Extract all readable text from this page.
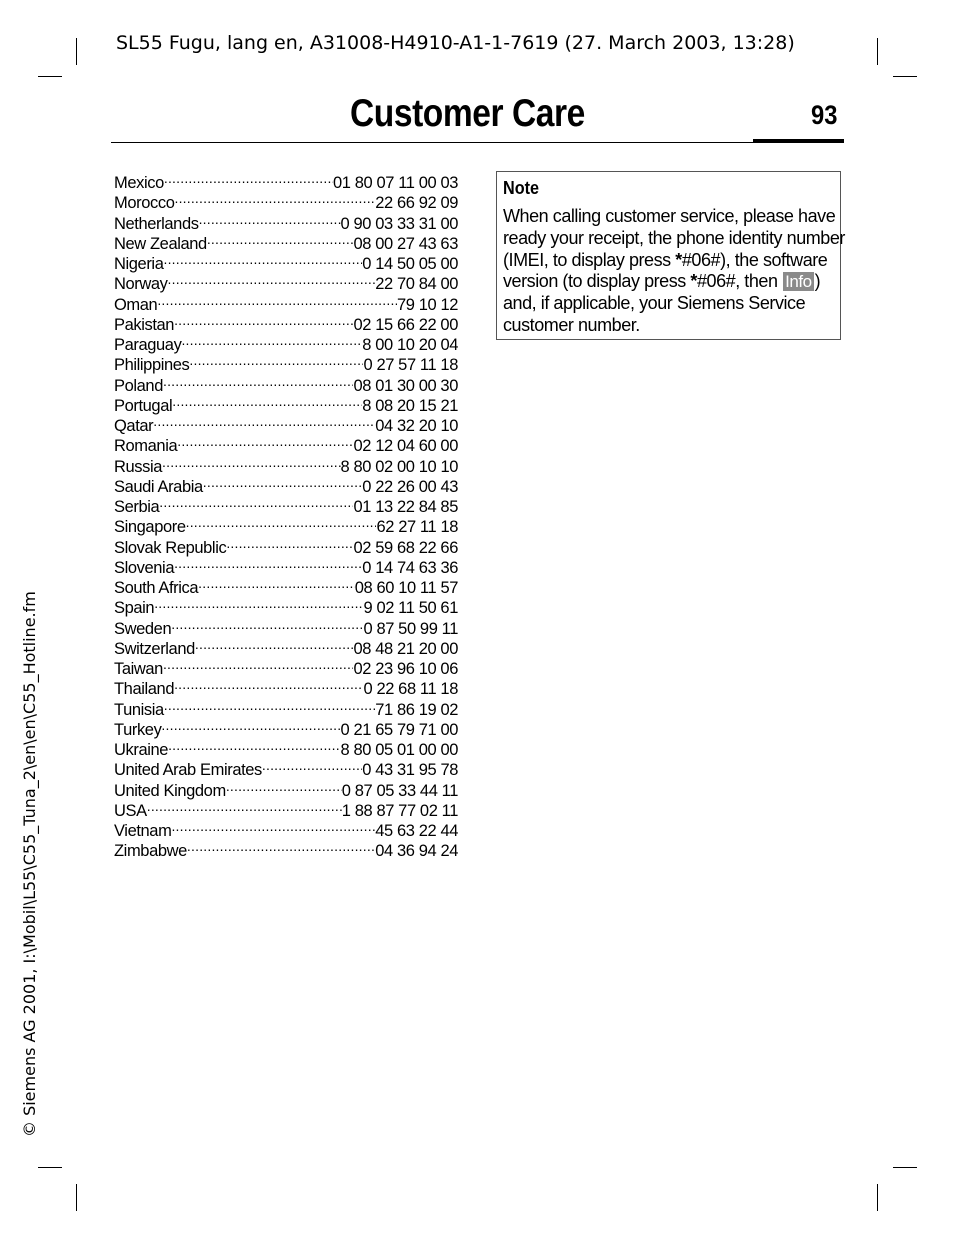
SL55 Fugu, lang en, A31008-H4910-A1-1-7619 (27. March 2003, 13:28)
Customer Care	93
Mexico .....	01 80 07 11 00 03
Morocco .....	22 66 92 09
Netherlands .....	0 90 03 33 31 00
New Zealand .....	08 00 27 43 63
Nigeria .....	0 14 50 05 00
Norway .....	22 70 84 00
Oman .....	79 10 12
Pakistan .....	02 15 66 22 00
Paraguay .....	8 00 10 20 04
Philippines .....	0 27 57 11 18
Poland .....	08 01 30 00 30
Portugal .....	8 08 20 15 21
Qatar .....	04 32 20 10
Romania .....	02 12 04 60 00
Russia .....	8 80 02 00 10 10
Saudi Arabia .....	0 22 26 00 43
Serbia .....	01 13 22 84 85
Singapore .....	62 27 11 18
Slovak Republic .....	02 59 68 22 66
Slovenia .....	0 14 74 63 36
South Africa .....	08 60 10 11 57
Spain .....	9 02 11 50 61
Sweden .....	0 87 50 99 11
Switzerland .....	08 48 21 20 00
Taiwan .....	02 23 96 10 06
Thailand .....	0 22 68 11 18
Tunisia .....	71 86 19 02
Turkey .....	0 21 65 79 71 00
Ukraine .....	8 80 05 01 00 00
United Arab Emirates .....	0 43 31 95 78
United Kingdom .....	0 87 05 33 44 11
USA .....	1 88 87 77 02 11
Vietnam .....	45 63 22 44
Zimbabwe .....	04 36 94 24
Note
When calling customer service, please have ready your receipt, the phone identity number (IMEI, to display press *#06#), the software version (to display press *#06#, then Info ) and, if applicable, your Siemens Service customer number.
© Siemens AG 2001, I:\Mobil\L55\C55_Tuna_2\en\en\C55_Hotline.fm
